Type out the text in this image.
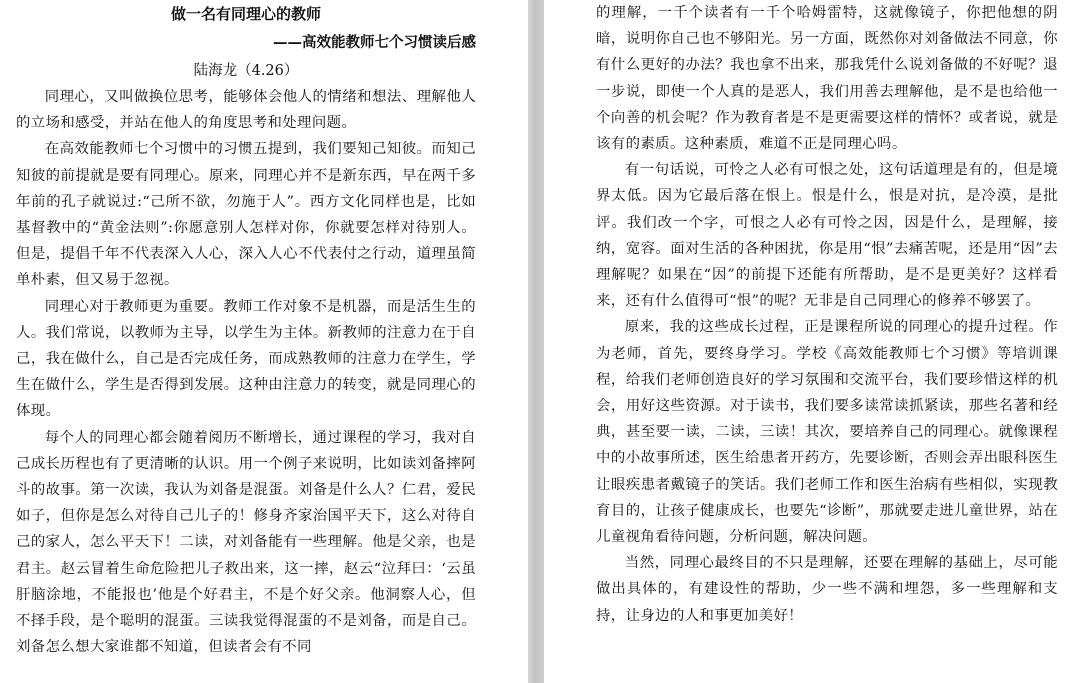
做一名有同理心的教师
——高效能教师七个习惯读后感
陆海龙（4.26）

同理心，又叫做换位思考，能够体会他人的情绪和想法、理解他人的立场和感受，并站在他人的角度思考和处理问题。

在高效能教师七个习惯中的习惯五提到，我们要知己知彼。而知己知彼的前提就是要有同理心。原来，同理心并不是新东西，早在两千多年前的孔子就说过:“己所不欲，勿施于人”。西方文化同样也是，比如基督教中的“黄金法则”:你愿意别人怎样对你，你就要怎样对待别人。但是，提倡千年不代表深入人心，深入人心不代表付之行动，道理虽简单朴素，但又易于忽视。

同理心对于教师更为重要。教师工作对象不是机器，而是活生生的人。我们常说，以教师为主导，以学生为主体。新教师的注意力在于自己，我在做什么，自己是否完成任务，而成熟教师的注意力在学生，学生在做什么，学生是否得到发展。这种由注意力的转变，就是同理心的体现。

每个人的同理心都会随着阅历不断增长，通过课程的学习，我对自己成长历程也有了更清晰的认识。用一个例子来说明，比如读刘备摔阿斗的故事。第一次读，我认为刘备是混蛋。刘备是什么人？仁君，爱民如子，但你是怎么对待自己儿子的！修身齐家治国平天下，这么对待自己的家人，怎么平天下！二读，对刘备能有一些理解。他是父亲，也是君主。赵云冒着生命危险把儿子救出来，这一摔，赵云“泣拜曰：‘云虽肝脑涂地，不能报也’他是个好君主，不是个好父亲。他洞察人心，但不择手段，是个聪明的混蛋。三读我觉得混蛋的不是刘备，而是自己。刘备怎么想大家谁都不知道，但读者会有不同

的理解，一千个读者有一千个哈姆雷特，这就像镜子，你把他想的阴暗，说明你自己也不够阳光。另一方面，既然你对刘备做法不同意，你有什么更好的办法？我也拿不出来，那我凭什么说刘备做的不好呢？退一步说，即使一个人真的是恶人，我们用善去理解他，是不是也给他一个向善的机会呢？作为教育者是不是更需要这样的情怀？或者说，就是该有的素质。这种素质，难道不正是同理心吗。

有一句话说，可怜之人必有可恨之处，这句话道理是有的，但是境界太低。因为它最后落在恨上。恨是什么，恨是对抗，是冷漠，是批评。我们改一个字，可恨之人必有可怜之因，因是什么，是理解，接纳，宽容。面对生活的各种困扰，你是用“恨”去痛苦呢，还是用“因”去理解呢？如果在“因”的前提下还能有所帮助，是不是更美好？这样看来，还有什么值得可“恨”的呢？无非是自己同理心的修养不够罢了。

原来，我的这些成长过程，正是课程所说的同理心的提升过程。作为老师，首先，要终身学习。学校《高效能教师七个习惯》等培训课程，给我们老师创造良好的学习氛围和交流平台，我们要珍惜这样的机会，用好这些资源。对于读书，我们要多读常读抓紧读，那些名著和经典，甚至要一读，二读，三读！其次，要培养自己的同理心。就像课程中的小故事所述，医生给患者开药方，先要诊断，否则会弄出眼科医生让眼疾患者戴镜子的笑话。我们老师工作和医生治病有些相似，实现教育目的，让孩子健康成长，也要先“诊断”，那就要走进儿童世界，站在儿童视角看待问题，分析问题，解决问题。

当然，同理心最终目的不只是理解，还要在理解的基础上，尽可能做出具体的，有建设性的帮助，少一些不满和埋怨，多一些理解和支持，让身边的人和事更加美好！
